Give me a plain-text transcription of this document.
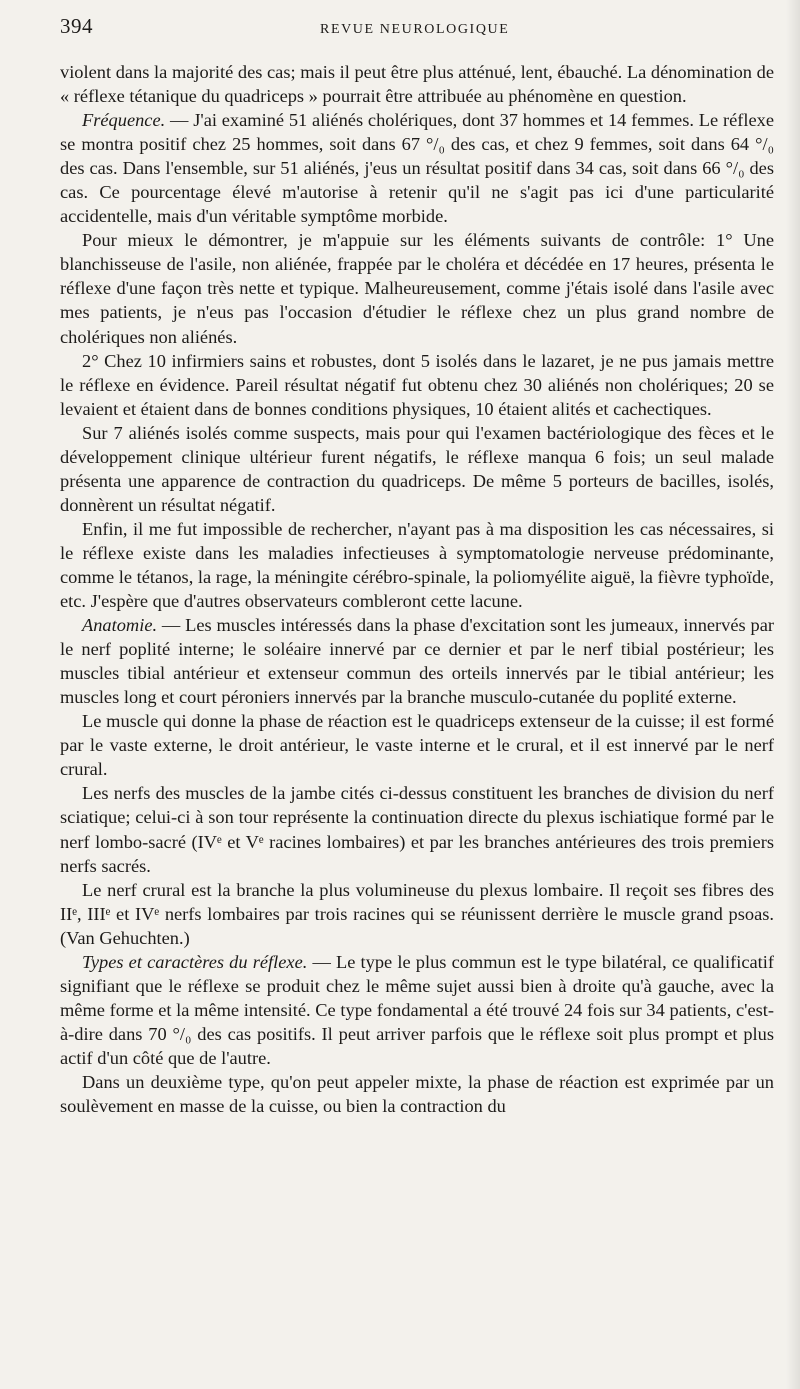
394	REVUE NEUROLOGIQUE

violent dans la majorité des cas; mais il peut être plus atténué, lent, ébauché. La dénomination de « réflexe tétanique du quadriceps » pourrait être attribuée au phénomène en question.

Fréquence. — J'ai examiné 51 aliénés cholériques, dont 37 hommes et 14 femmes. Le réflexe se montra positif chez 25 hommes, soit dans 67 °/₀ des cas, et chez 9 femmes, soit dans 64 °/₀ des cas. Dans l'ensemble, sur 51 aliénés, j'eus un résultat positif dans 34 cas, soit dans 66 °/₀ des cas. Ce pourcentage élevé m'autorise à retenir qu'il ne s'agit pas ici d'une particularité accidentelle, mais d'un véritable symptôme morbide.

Pour mieux le démontrer, je m'appuie sur les éléments suivants de contrôle: 1° Une blanchisseuse de l'asile, non aliénée, frappée par le choléra et décédée en 17 heures, présenta le réflexe d'une façon très nette et typique. Malheureusement, comme j'étais isolé dans l'asile avec mes patients, je n'eus pas l'occasion d'étudier le réflexe chez un plus grand nombre de cholériques non aliénés.

2° Chez 10 infirmiers sains et robustes, dont 5 isolés dans le lazaret, je ne pus jamais mettre le réflexe en évidence. Pareil résultat négatif fut obtenu chez 30 aliénés non cholériques; 20 se levaient et étaient dans de bonnes conditions physiques, 10 étaient alités et cachectiques.

Sur 7 aliénés isolés comme suspects, mais pour qui l'examen bactériologique des fèces et le développement clinique ultérieur furent négatifs, le réflexe manqua 6 fois; un seul malade présenta une apparence de contraction du quadriceps. De même 5 porteurs de bacilles, isolés, donnèrent un résultat négatif.

Enfin, il me fut impossible de rechercher, n'ayant pas à ma disposition les cas nécessaires, si le réflexe existe dans les maladies infectieuses à symptomatologie nerveuse prédominante, comme le tétanos, la rage, la méningite cérébro-spinale, la poliomyélite aiguë, la fièvre typhoïde, etc. J'espère que d'autres observateurs combleront cette lacune.

Anatomie. — Les muscles intéressés dans la phase d'excitation sont les jumeaux, innervés par le nerf poplité interne; le soléaire innervé par ce dernier et par le nerf tibial postérieur; les muscles tibial antérieur et extenseur commun des orteils innervés par le tibial antérieur; les muscles long et court péroniers innervés par la branche musculo-cutanée du poplité externe.

Le muscle qui donne la phase de réaction est le quadriceps extenseur de la cuisse; il est formé par le vaste externe, le droit antérieur, le vaste interne et le crural, et il est innervé par le nerf crural.

Les nerfs des muscles de la jambe cités ci-dessus constituent les branches de division du nerf sciatique; celui-ci à son tour représente la continuation directe du plexus ischiatique formé par le nerf lombo-sacré (IVᵉ et Vᵉ racines lombaires) et par les branches antérieures des trois premiers nerfs sacrés.

Le nerf crural est la branche la plus volumineuse du plexus lombaire. Il reçoit ses fibres des IIᵉ, IIIᵉ et IVᵉ nerfs lombaires par trois racines qui se réunissent derrière le muscle grand psoas. (Van Gehuchten.)

Types et caractères du réflexe. — Le type le plus commun est le type bilatéral, ce qualificatif signifiant que le réflexe se produit chez le même sujet aussi bien à droite qu'à gauche, avec la même forme et la même intensité. Ce type fondamental a été trouvé 24 fois sur 34 patients, c'est-à-dire dans 70 °/₀ des cas positifs. Il peut arriver parfois que le réflexe soit plus prompt et plus actif d'un côté que de l'autre.

Dans un deuxième type, qu'on peut appeler mixte, la phase de réaction est exprimée par un soulèvement en masse de la cuisse, ou bien la contraction du
